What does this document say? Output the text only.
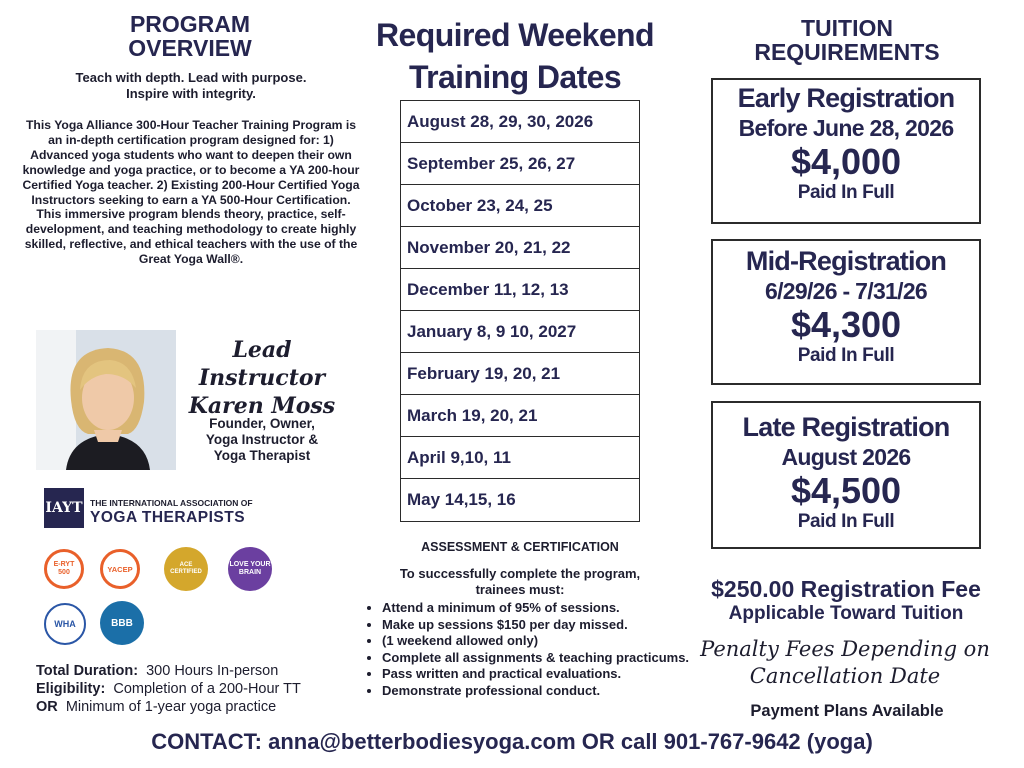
PROGRAM
OVERVIEW
Teach with depth. Lead with purpose.
Inspire with integrity.
This Yoga Alliance 300-Hour Teacher Training Program is an in-depth certification program designed for: 1) Advanced yoga students who want to deepen their own knowledge and yoga practice, or to become a YA 200-hour Certified Yoga teacher. 2) Existing 200-Hour Certified Yoga Instructors seeking to earn a YA 500-Hour Certification. This immersive program blends theory, practice, self-development, and teaching methodology to create highly skilled, reflective, and ethical teachers with the use of the Great Yoga Wall®.
Lead Instructor
Karen Moss
Founder, Owner,
Yoga Instructor &
Yoga Therapist
IAYT THE INTERNATIONAL ASSOCIATION OF
YOGA THERAPISTS
E-RYT 500	YACEP	ACE CERTIFIED
LOVE YOUR BRAIN
WHA	BBB
Total Duration: 300 Hours In-person
Eligibility: Completion of a 200-Hour TT
OR Minimum of 1-year yoga practice
Required Weekend
Training Dates
August 28, 29, 30, 2026
September 25, 26, 27
October 23, 24, 25
November 20, 21, 22
December 11, 12, 13
January 8, 9 10, 2027
February 19, 20, 21
March 19, 20, 21
April 9,10, 11
May 14,15, 16
ASSESSMENT & CERTIFICATION
To successfully complete the program,
trainees must:
• Attend a minimum of 95% of sessions.
• Make up sessions $150 per day missed.
• (1 weekend allowed only)
• Complete all assignments & teaching practicums.
• Pass written and practical evaluations.
• Demonstrate professional conduct.
TUITION
REQUIREMENTS
Early Registration
Before June 28, 2026
$4,000
Paid In Full
Mid-Registration
6/29/26 - 7/31/26
$4,300
Paid In Full
Late Registration
August 2026
$4,500
Paid In Full
$250.00 Registration Fee
Applicable Toward Tuition
Penalty Fees Depending on
Cancellation Date
Payment Plans Available
CONTACT: anna@betterbodiesyoga.com OR call 901-767-9642 (yoga)
